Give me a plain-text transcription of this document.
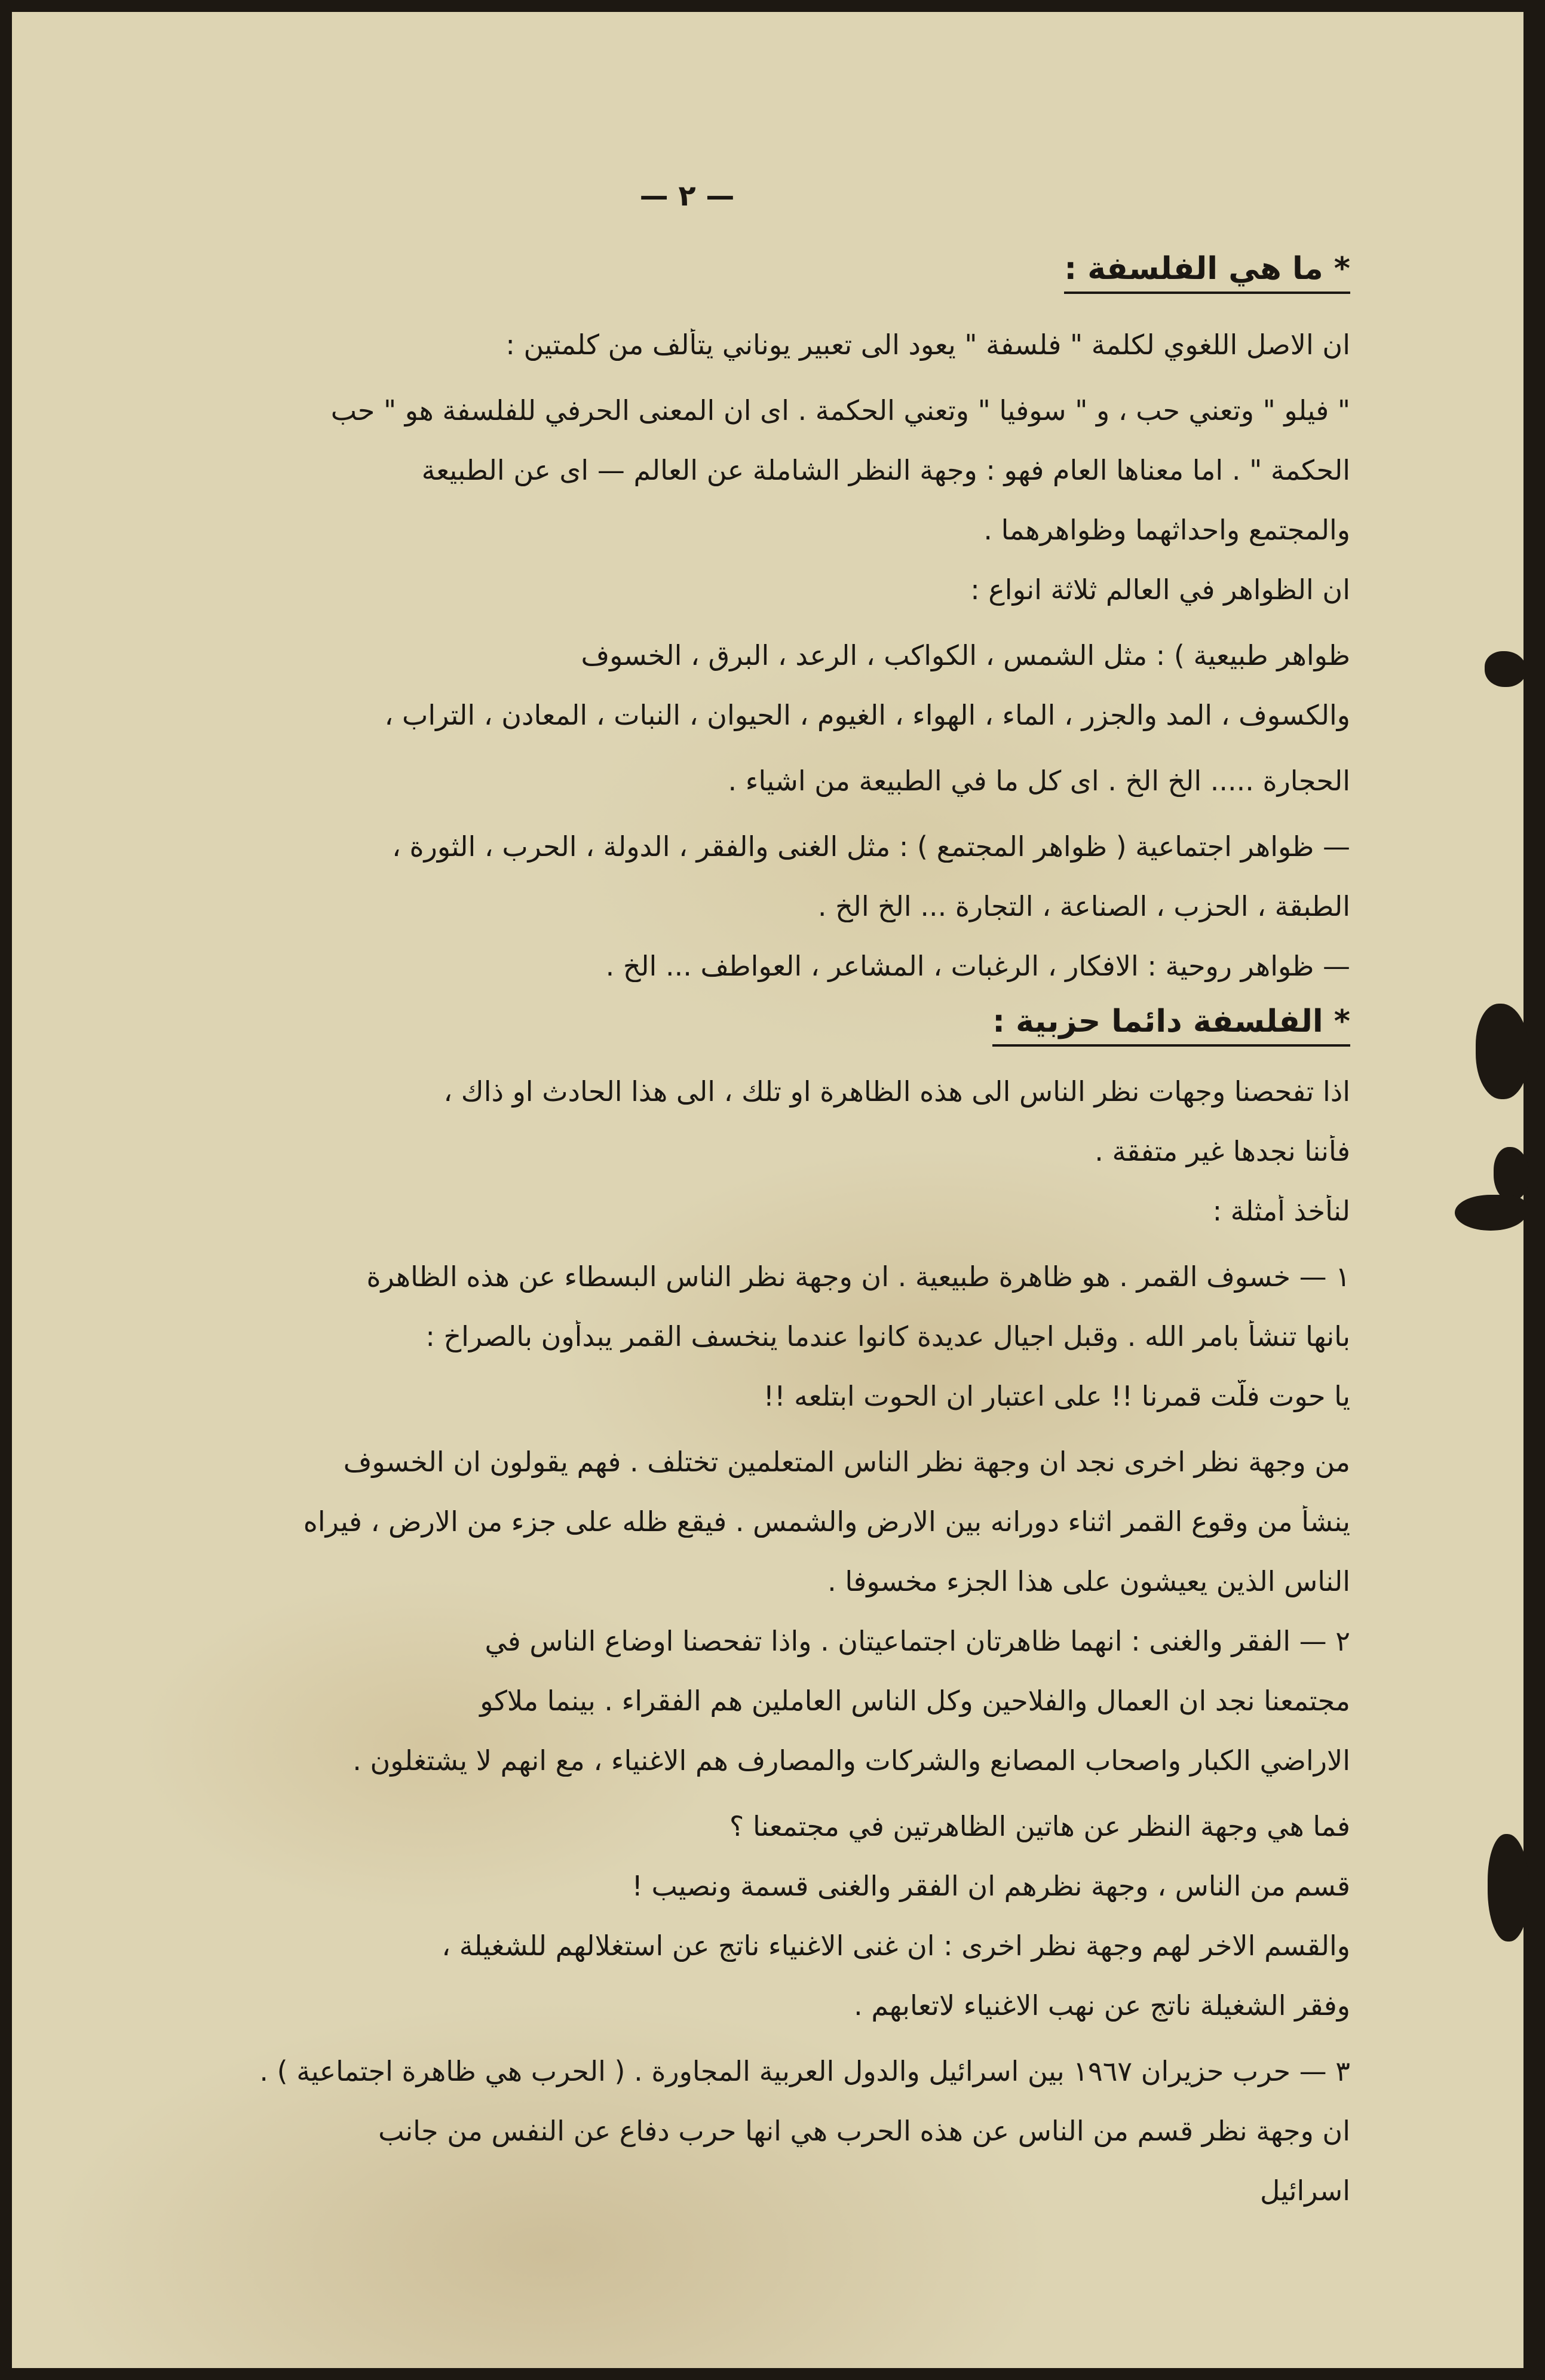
— ٢ —
* ما هي الفلسفة :
ان الاصل اللغوي لكلمة " فلسفة " يعود الى تعبير يوناني يتألف من كلمتين :
" فيلو " وتعني حب ، و " سوفيا " وتعني الحكمة . اى ان المعنى الحرفي للفلسفة هو " حب
الحكمة " . اما معناها العام فهو : وجهة النظر الشاملة عن العالم — اى عن الطبيعة
والمجتمع واحداثهما وظواهرهما .
ان الظواهر في العالم ثلاثة انواع :
ظواهر طبيعية ) : مثل الشمس ، الكواكب ، الرعد ، البرق ، الخسوف
والكسوف ، المد والجزر ، الماء ، الهواء ، الغيوم ، الحيوان ، النبات ، المعادن ، التراب ،
الحجارة ..... الخ الخ . اى كل ما في الطبيعة من اشياء .
— ظواهر اجتماعية ( ظواهر المجتمع ) : مثل الغنى والفقر ، الدولة ، الحرب ، الثورة ،
الطبقة ، الحزب ، الصناعة ، التجارة ... الخ الخ .
— ظواهر روحية : الافكار ، الرغبات ، المشاعر ، العواطف ... الخ .
* الفلسفة دائما حزبية :
اذا تفحصنا وجهات نظر الناس الى هذه الظاهرة او تلك ، الى هذا الحادث او ذاك ،
فأننا نجدها غير متفقة .
لنأخذ أمثلة :
١ — خسوف القمر . هو ظاهرة طبيعية . ان وجهة نظر الناس البسطاء عن هذه الظاهرة
بانها تنشأ بامر الله . وقبل اجيال عديدة كانوا عندما ينخسف القمر يبدأون بالصراخ :
يا حوت فلّت قمرنا !! على اعتبار ان الحوت ابتلعه !!
من وجهة نظر اخرى نجد ان وجهة نظر الناس المتعلمين تختلف . فهم يقولون ان الخسوف
ينشأ من وقوع القمر اثناء دورانه بين الارض والشمس . فيقع ظله على جزء من الارض ، فيراه
الناس الذين يعيشون على هذا الجزء مخسوفا .
٢ — الفقر والغنى : انهما ظاهرتان اجتماعيتان . واذا تفحصنا اوضاع الناس في
مجتمعنا نجد ان العمال والفلاحين وكل الناس العاملين هم الفقراء . بينما ملاكو
الاراضي الكبار واصحاب المصانع والشركات والمصارف هم الاغنياء ، مع انهم لا يشتغلون .
فما هي وجهة النظر عن هاتين الظاهرتين في مجتمعنا ؟
قسم من الناس ، وجهة نظرهم ان الفقر والغنى قسمة ونصيب !
والقسم الاخر لهم وجهة نظر اخرى : ان غنى الاغنياء ناتج عن استغلالهم للشغيلة ،
وفقر الشغيلة ناتج عن نهب الاغنياء لاتعابهم .
٣ — حرب حزيران ١٩٦٧ بين اسرائيل والدول العربية المجاورة . ( الحرب هي ظاهرة اجتماعية ) .
ان وجهة نظر قسم من الناس عن هذه الحرب هي انها حرب دفاع عن النفس من جانب
اسرائيل
